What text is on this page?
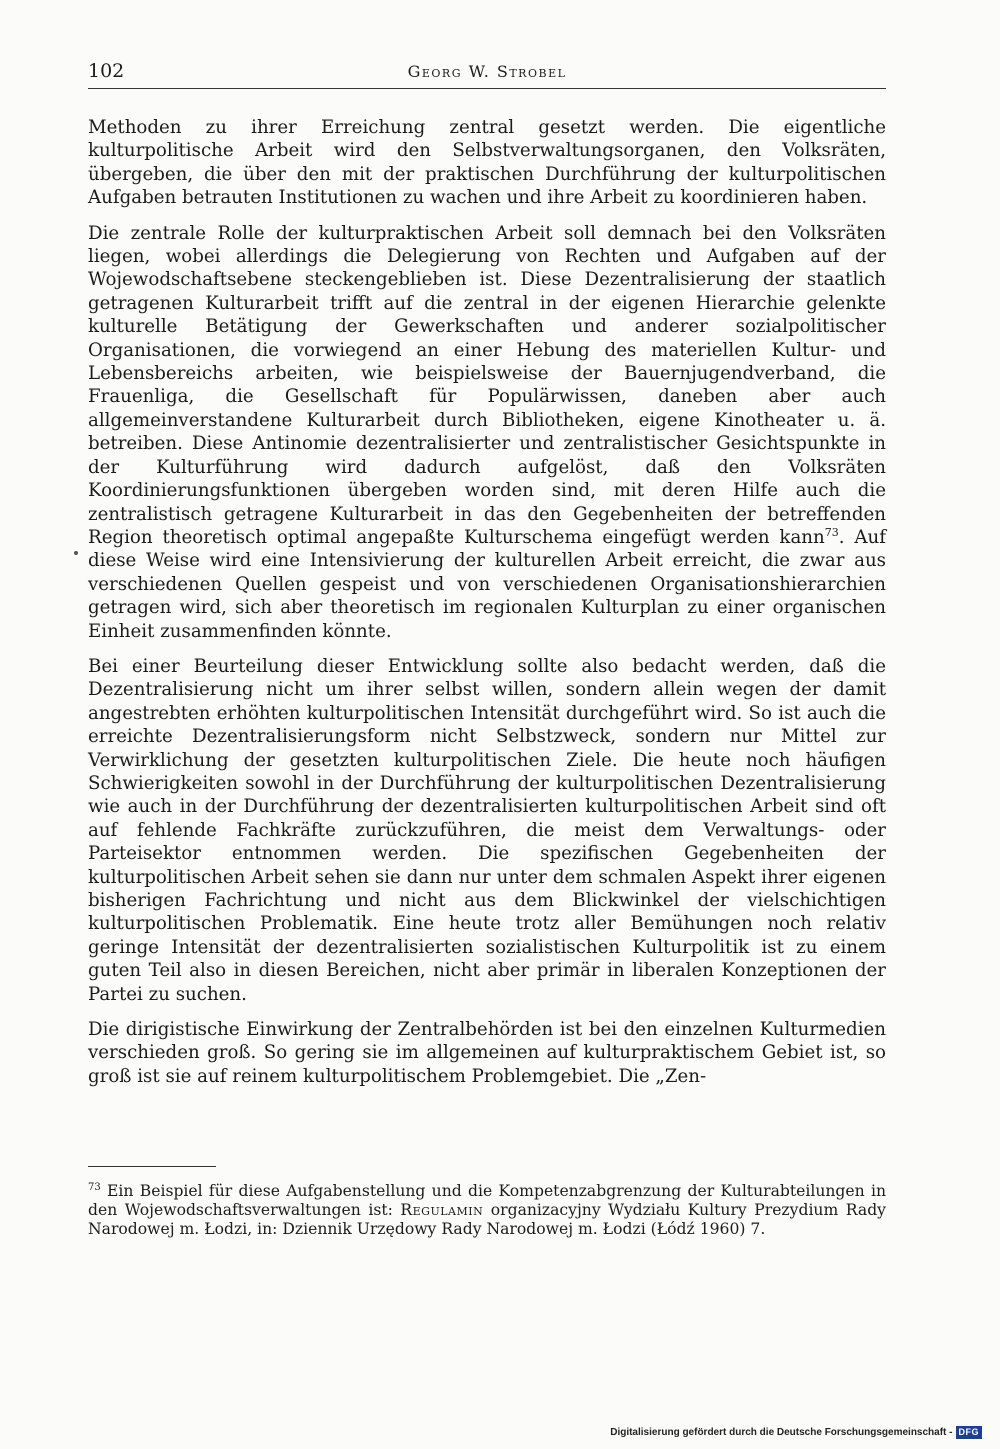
102	Georg W. Strobel

Methoden zu ihrer Erreichung zentral gesetzt werden. Die eigentliche kulturpolitische Arbeit wird den Selbstverwaltungsorganen, den Volksräten, übergeben, die über den mit der praktischen Durchführung der kulturpolitischen Aufgaben betrauten Institutionen zu wachen und ihre Arbeit zu koordinieren haben.

Die zentrale Rolle der kulturpraktischen Arbeit soll demnach bei den Volksräten liegen, wobei allerdings die Delegierung von Rechten und Aufgaben auf der Wojewodschaftsebene steckengeblieben ist. Diese Dezentralisierung der staatlich getragenen Kulturarbeit trifft auf die zentral in der eigenen Hierarchie gelenkte kulturelle Betätigung der Gewerkschaften und anderer sozialpolitischer Organisationen, die vorwiegend an einer Hebung des materiellen Kultur- und Lebensbereichs arbeiten, wie beispielsweise der Bauernjugendverband, die Frauenliga, die Gesellschaft für Populärwissen, daneben aber auch allgemeinverstandene Kulturarbeit durch Bibliotheken, eigene Kinotheater u. ä. betreiben. Diese Antinomie dezentralisierter und zentralistischer Gesichtspunkte in der Kulturführung wird dadurch aufgelöst, daß den Volksräten Koordinierungsfunktionen übergeben worden sind, mit deren Hilfe auch die zentralistisch getragene Kulturarbeit in das den Gegebenheiten der betreffenden Region theoretisch optimal angepaßte Kulturschema eingefügt werden kann$^{73}$. Auf diese Weise wird eine Intensivierung der kulturellen Arbeit erreicht, die zwar aus verschiedenen Quellen gespeist und von verschiedenen Organisationshierarchien getragen wird, sich aber theoretisch im regionalen Kulturplan zu einer organischen Einheit zusammenfinden könnte.

Bei einer Beurteilung dieser Entwicklung sollte also bedacht werden, daß die Dezentralisierung nicht um ihrer selbst willen, sondern allein wegen der damit angestrebten erhöhten kulturpolitischen Intensität durchgeführt wird. So ist auch die erreichte Dezentralisierungsform nicht Selbstzweck, sondern nur Mittel zur Verwirklichung der gesetzten kulturpolitischen Ziele. Die heute noch häufigen Schwierigkeiten sowohl in der Durchführung der kulturpolitischen Dezentralisierung wie auch in der Durchführung der dezentralisierten kulturpolitischen Arbeit sind oft auf fehlende Fachkräfte zurückzuführen, die meist dem Verwaltungs- oder Parteisektor entnommen werden. Die spezifischen Gegebenheiten der kulturpolitischen Arbeit sehen sie dann nur unter dem schmalen Aspekt ihrer eigenen bisherigen Fachrichtung und nicht aus dem Blickwinkel der vielschichtigen kulturpolitischen Problematik. Eine heute trotz aller Bemühungen noch relativ geringe Intensität der dezentralisierten sozialistischen Kulturpolitik ist zu einem guten Teil also in diesen Bereichen, nicht aber primär in liberalen Konzeptionen der Partei zu suchen.

Die dirigistische Einwirkung der Zentralbehörden ist bei den einzelnen Kulturmedien verschieden groß. So gering sie im allgemeinen auf kulturpraktischem Gebiet ist, so groß ist sie auf reinem kulturpolitischem Problemgebiet. Die „Zen-

$^{73}$ Ein Beispiel für diese Aufgabenstellung und die Kompetenzabgrenzung der Kulturabteilungen in den Wojewodschaftsverwaltungen ist: Regulamin organizacyjny Wydziału Kultury Prezydium Rady Narodowej m. Łodzi, in: Dziennik Urzędowy Rady Narodowej m. Łodzi (Łódź 1960) 7.

Digitalisierung gefördert durch die Deutsche Forschungsgemeinschaft - DFG
